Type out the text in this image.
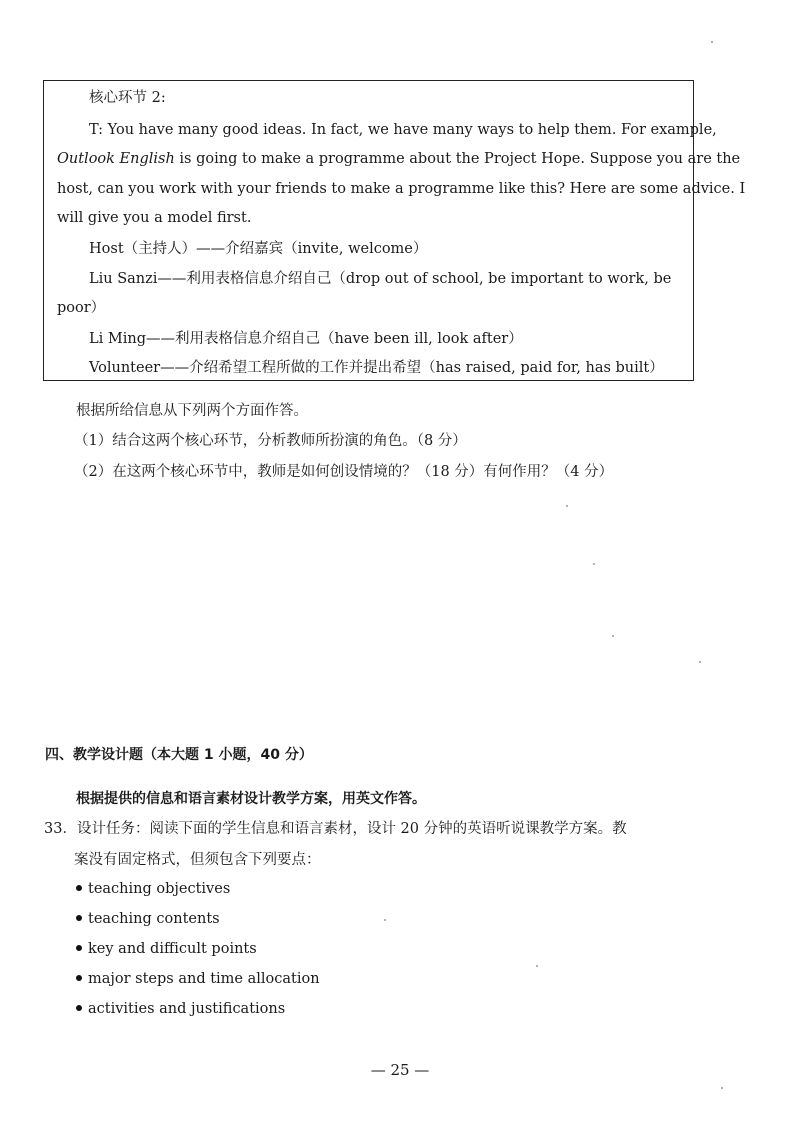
核心环节 2:
T: You have many good ideas. In fact, we have many ways to help them. For example,
Outlook English is going to make a programme about the Project Hope. Suppose you are the
host, can you work with your friends to make a programme like this? Here are some advice. I
will give you a model first.
Host（主持人）——介绍嘉宾（invite, welcome）
Liu Sanzi——利用表格信息介绍自己（drop out of school, be important to work, be
poor）
Li Ming——利用表格信息介绍自己（have been ill, look after）
Volunteer——介绍希望工程所做的工作并提出希望（has raised, paid for, has built）
根据所给信息从下列两个方面作答。
（1）结合这两个核心环节，分析教师所扮演的角色。（8 分）
（2）在这两个核心环节中，教师是如何创设情境的？（18 分）有何作用？（4 分）
四、教学设计题（本大题 1 小题，40 分）
根据提供的信息和语言素材设计教学方案，用英文作答。
33．设计任务：阅读下面的学生信息和语言素材，设计 20 分钟的英语听说课教学方案。教
案没有固定格式，但须包含下列要点：
teaching objectives
teaching contents
key and difficult points
major steps and time allocation
activities and justifications
— 25 —
